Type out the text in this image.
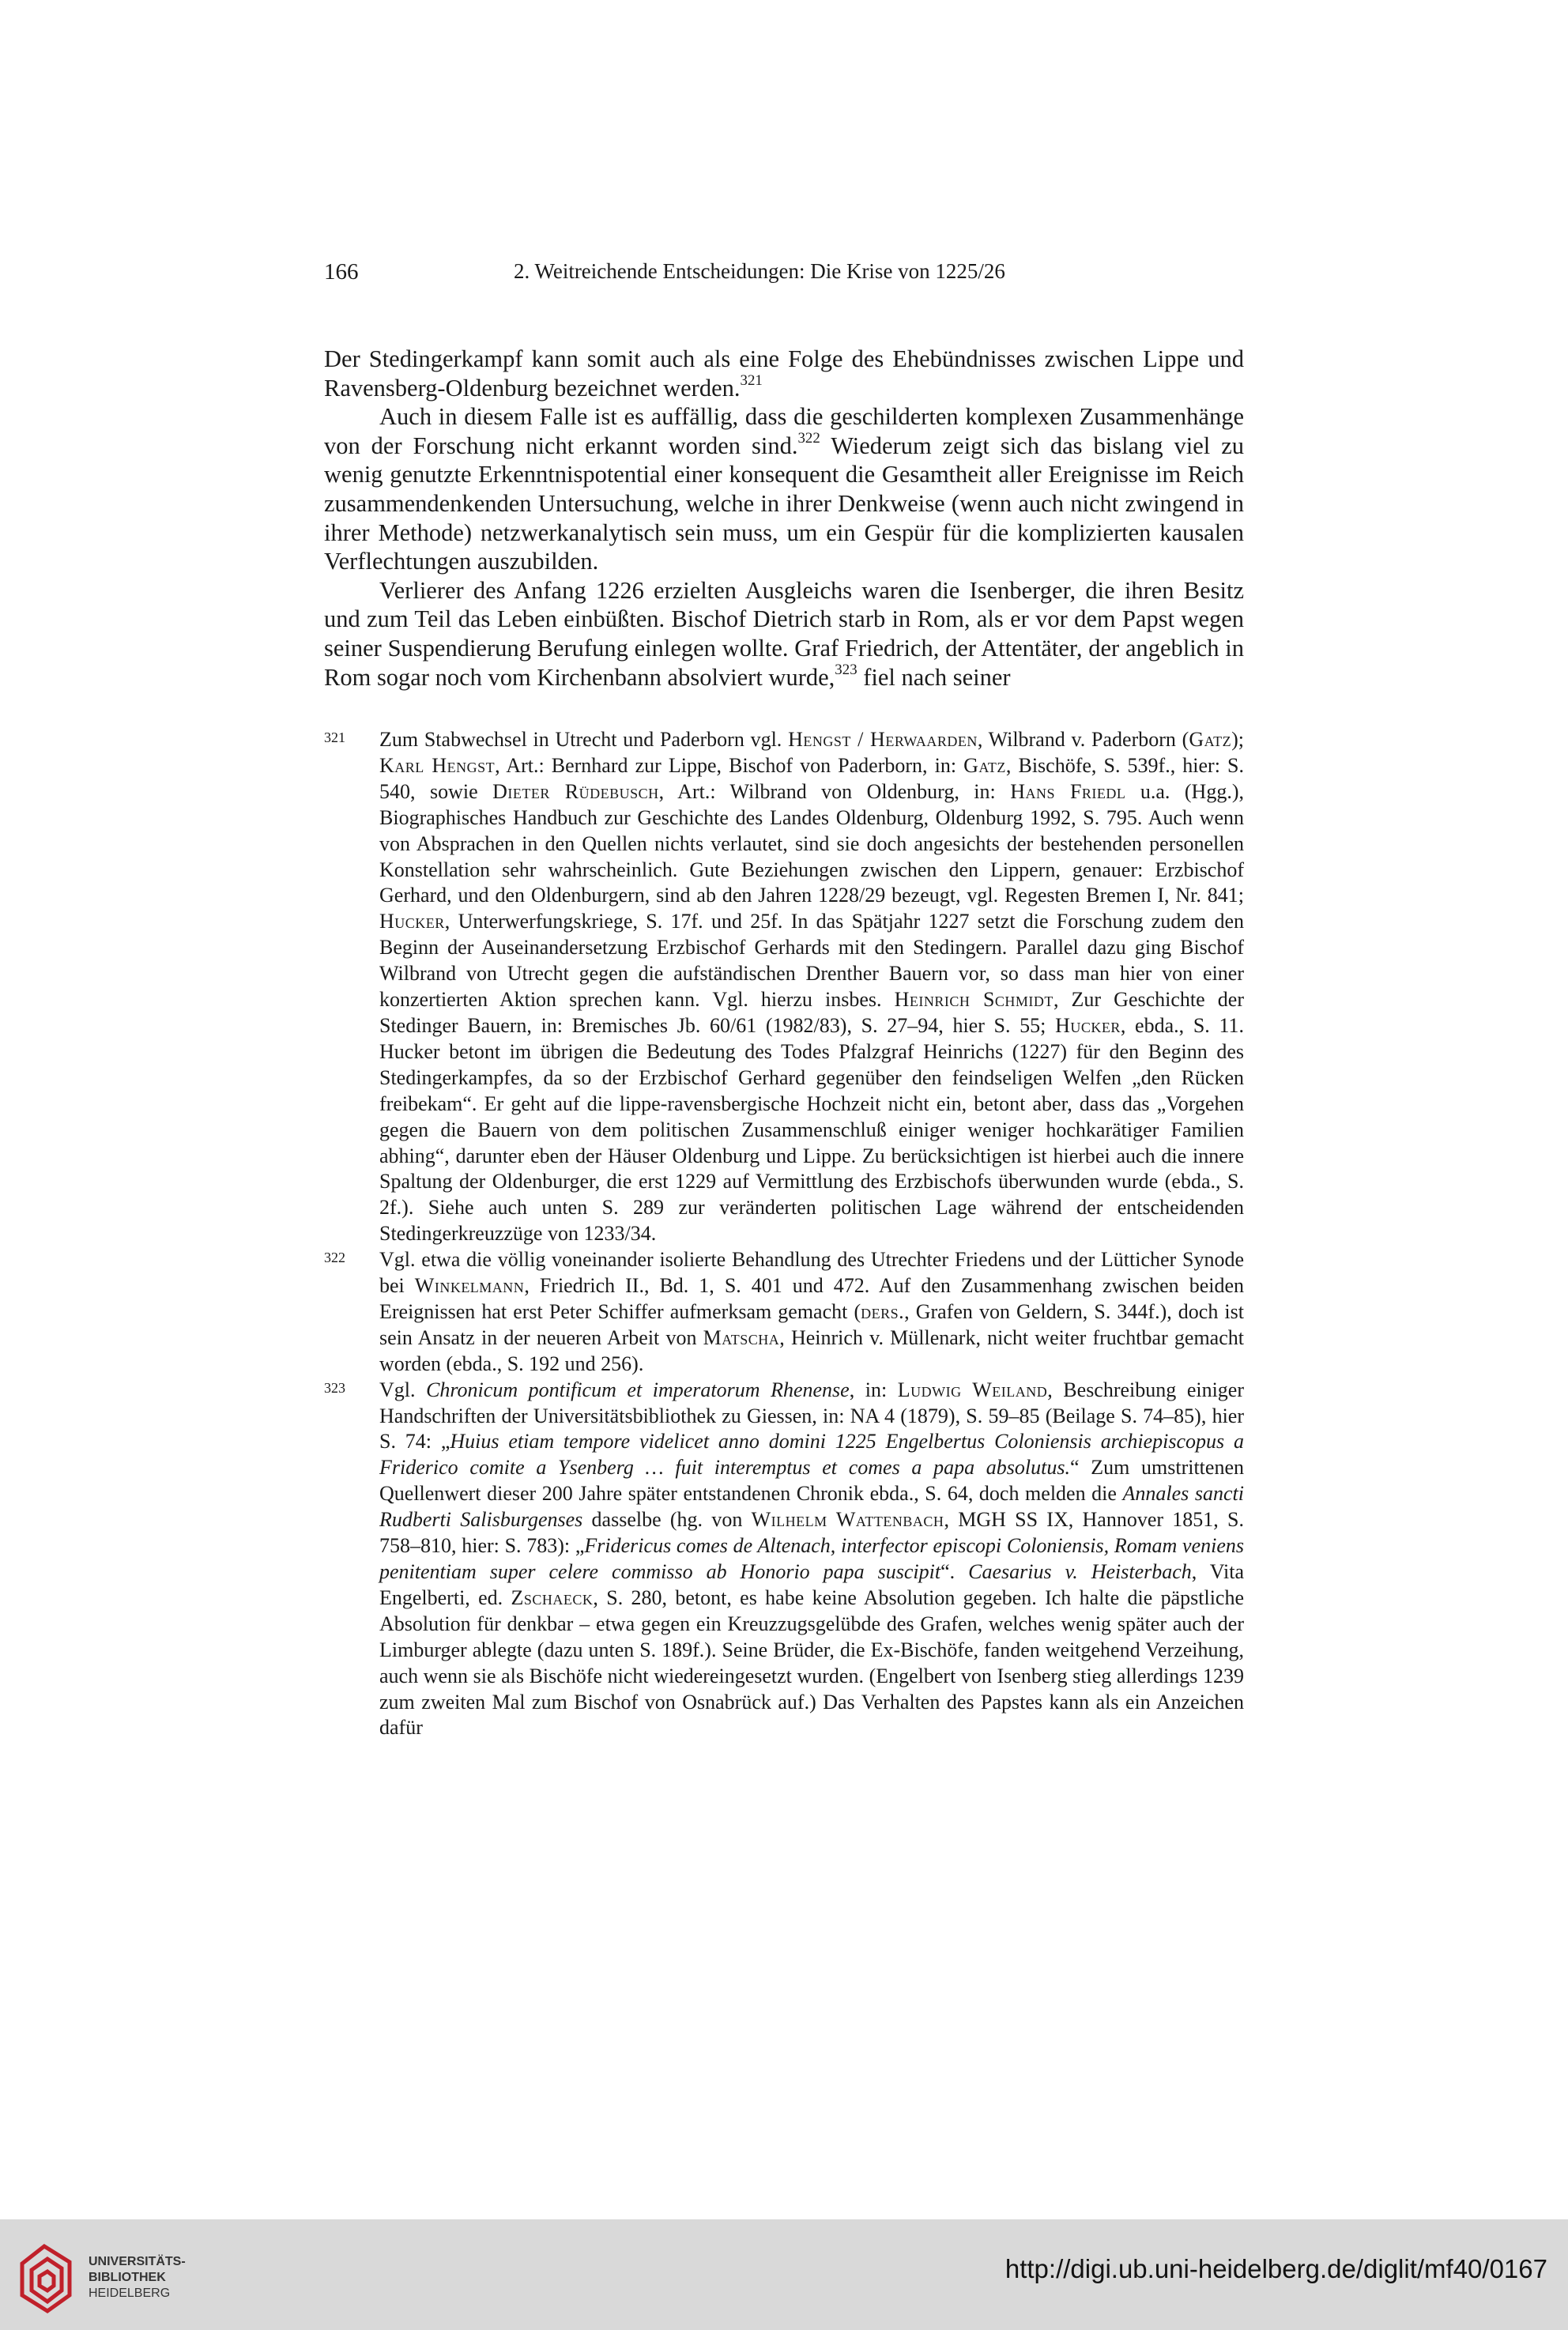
166	2. Weitreichende Entscheidungen: Die Krise von 1225/26

Der Stedingerkampf kann somit auch als eine Folge des Ehebündnisses zwischen Lippe und Ravensberg-Oldenburg bezeichnet werden.$^{321}$

Auch in diesem Falle ist es auffällig, dass die geschilderten komplexen Zusammenhänge von der Forschung nicht erkannt worden sind.$^{322}$ Wiederum zeigt sich das bislang viel zu wenig genutzte Erkenntnispotential einer konsequent die Gesamtheit aller Ereignisse im Reich zusammendenkenden Untersuchung, welche in ihrer Denkweise (wenn auch nicht zwingend in ihrer Methode) netzwerkanalytisch sein muss, um ein Gespür für die komplizierten kausalen Verflechtungen auszubilden.

Verlierer des Anfang 1226 erzielten Ausgleichs waren die Isenberger, die ihren Besitz und zum Teil das Leben einbüßten. Bischof Dietrich starb in Rom, als er vor dem Papst wegen seiner Suspendierung Berufung einlegen wollte. Graf Friedrich, der Attentäter, der angeblich in Rom sogar noch vom Kirchenbann absolviert wurde,$^{323}$ fiel nach seiner

321 Zum Stabwechsel in Utrecht und Paderborn vgl. Hengst / Herwaarden, Wilbrand v. Paderborn (Gatz); Karl Hengst, Art.: Bernhard zur Lippe, Bischof von Paderborn, in: Gatz, Bischöfe, S. 539f., hier: S. 540, sowie Dieter Rüdebusch, Art.: Wilbrand von Oldenburg, in: Hans Friedl u.a. (Hgg.), Biographisches Handbuch zur Geschichte des Landes Oldenburg, Oldenburg 1992, S. 795. Auch wenn von Absprachen in den Quellen nichts verlautet, sind sie doch angesichts der bestehenden personellen Konstellation sehr wahrscheinlich. Gute Beziehungen zwischen den Lippern, genauer: Erzbischof Gerhard, und den Oldenburgern, sind ab den Jahren 1228/29 bezeugt, vgl. Regesten Bremen I, Nr. 841; Hucker, Unterwerfungskriege, S. 17f. und 25f. In das Spätjahr 1227 setzt die Forschung zudem den Beginn der Auseinandersetzung Erzbischof Gerhards mit den Stedingern. Parallel dazu ging Bischof Wilbrand von Utrecht gegen die aufständischen Drenther Bauern vor, so dass man hier von einer konzertierten Aktion sprechen kann. Vgl. hierzu insbes. Heinrich Schmidt, Zur Geschichte der Stedinger Bauern, in: Bremisches Jb. 60/61 (1982/83), S. 27–94, hier S. 55; Hucker, ebda., S. 11. Hucker betont im übrigen die Bedeutung des Todes Pfalzgraf Heinrichs (1227) für den Beginn des Stedingerkampfes, da so der Erzbischof Gerhard gegenüber den feindseligen Welfen „den Rücken freibekam“. Er geht auf die lippe-ravensbergische Hochzeit nicht ein, betont aber, dass das „Vorgehen gegen die Bauern von dem politischen Zusammenschluß einiger weniger hochkarätiger Familien abhing“, darunter eben der Häuser Oldenburg und Lippe. Zu berücksichtigen ist hierbei auch die innere Spaltung der Oldenburger, die erst 1229 auf Vermittlung des Erzbischofs überwunden wurde (ebda., S. 2f.). Siehe auch unten S. 289 zur veränderten politischen Lage während der entscheidenden Stedingerkreuzzüge von 1233/34.

322 Vgl. etwa die völlig voneinander isolierte Behandlung des Utrechter Friedens und der Lütticher Synode bei Winkelmann, Friedrich II., Bd. 1, S. 401 und 472. Auf den Zusammenhang zwischen beiden Ereignissen hat erst Peter Schiffer aufmerksam gemacht (ders., Grafen von Geldern, S. 344f.), doch ist sein Ansatz in der neueren Arbeit von Matscha, Heinrich v. Müllenark, nicht weiter fruchtbar gemacht worden (ebda., S. 192 und 256).

323 Vgl. Chronicum pontificum et imperatorum Rhenense, in: Ludwig Weiland, Beschreibung einiger Handschriften der Universitätsbibliothek zu Giessen, in: NA 4 (1879), S. 59–85 (Beilage S. 74–85), hier S. 74: „Huius etiam tempore videlicet anno domini 1225 Engelbertus Coloniensis archiepiscopus a Friderico comite a Ysenberg … fuit interemptus et comes a papa absolutus.“ Zum umstrittenen Quellenwert dieser 200 Jahre später entstandenen Chronik ebda., S. 64, doch melden die Annales sancti Rudberti Salisburgenses dasselbe (hg. von Wilhelm Wattenbach, MGH SS IX, Hannover 1851, S. 758–810, hier: S. 783): „Fridericus comes de Altenach, interfector episcopi Coloniensis, Romam veniens penitentiam super celere commisso ab Honorio papa suscipit“. Caesarius v. Heisterbach, Vita Engelberti, ed. Zschaeck, S. 280, betont, es habe keine Absolution gegeben. Ich halte die päpstliche Absolution für denkbar – etwa gegen ein Kreuzzugsgelübde des Grafen, welches wenig später auch der Limburger ablegte (dazu unten S. 189f.). Seine Brüder, die Ex-Bischöfe, fanden weitgehend Verzeihung, auch wenn sie als Bischöfe nicht wiedereingesetzt wurden. (Engelbert von Isenberg stieg allerdings 1239 zum zweiten Mal zum Bischof von Osnabrück auf.) Das Verhalten des Papstes kann als ein Anzeichen dafür

UNIVERSITÄTS-
BIBLIOTHEK
HEIDELBERG
http://digi.ub.uni-heidelberg.de/diglit/mf40/0167
